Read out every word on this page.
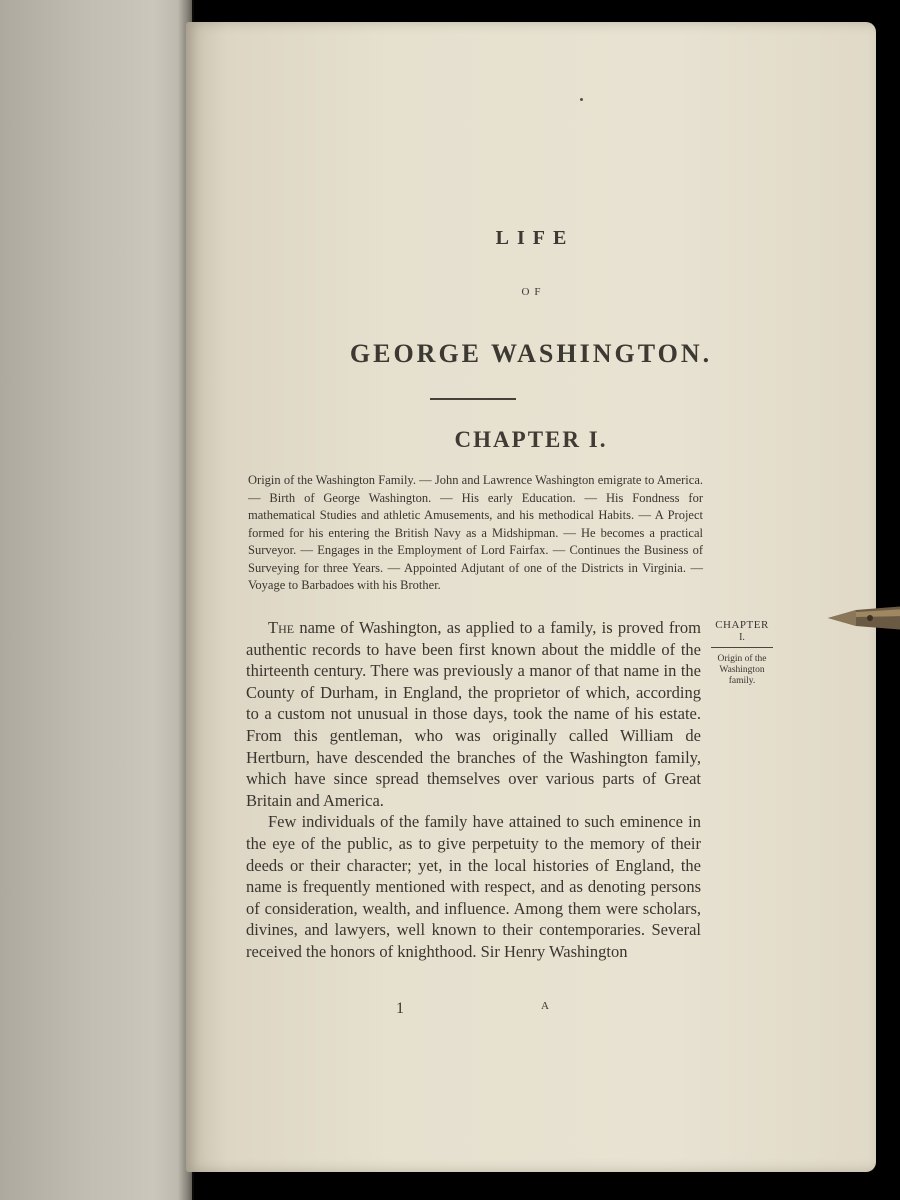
LIFE
OF
GEORGE WASHINGTON.
CHAPTER I.

Origin of the Washington Family. — John and Lawrence Washington emigrate to America. — Birth of George Washington. — His early Education. — His Fondness for mathematical Studies and athletic Amusements, and his methodical Habits. — A Project formed for his entering the British Navy as a Midshipman. — He becomes a practical Surveyor. — Engages in the Employment of Lord Fairfax. — Continues the Business of Surveying for three Years. — Appointed Adjutant of one of the Districts in Virginia. — Voyage to Barbadoes with his Brother.

The name of Washington, as applied to a family, is proved from authentic records to have been first known about the middle of the thirteenth century. There was previously a manor of that name in the County of Durham, in England, the proprietor of which, according to a custom not unusual in those days, took the name of his estate. From this gentleman, who was originally called William de Hertburn, have descended the branches of the Washington family, which have since spread themselves over various parts of Great Britain and America.

Few individuals of the family have attained to such eminence in the eye of the public, as to give perpetuity to the memory of their deeds or their character; yet, in the local histories of England, the name is frequently mentioned with respect, and as denoting persons of consideration, wealth, and influence. Among them were scholars, divines, and lawyers, well known to their contemporaries. Several received the honors of knighthood. Sir Henry Washington

CHAPTER
I.
Origin of the Washington family.
1	A
